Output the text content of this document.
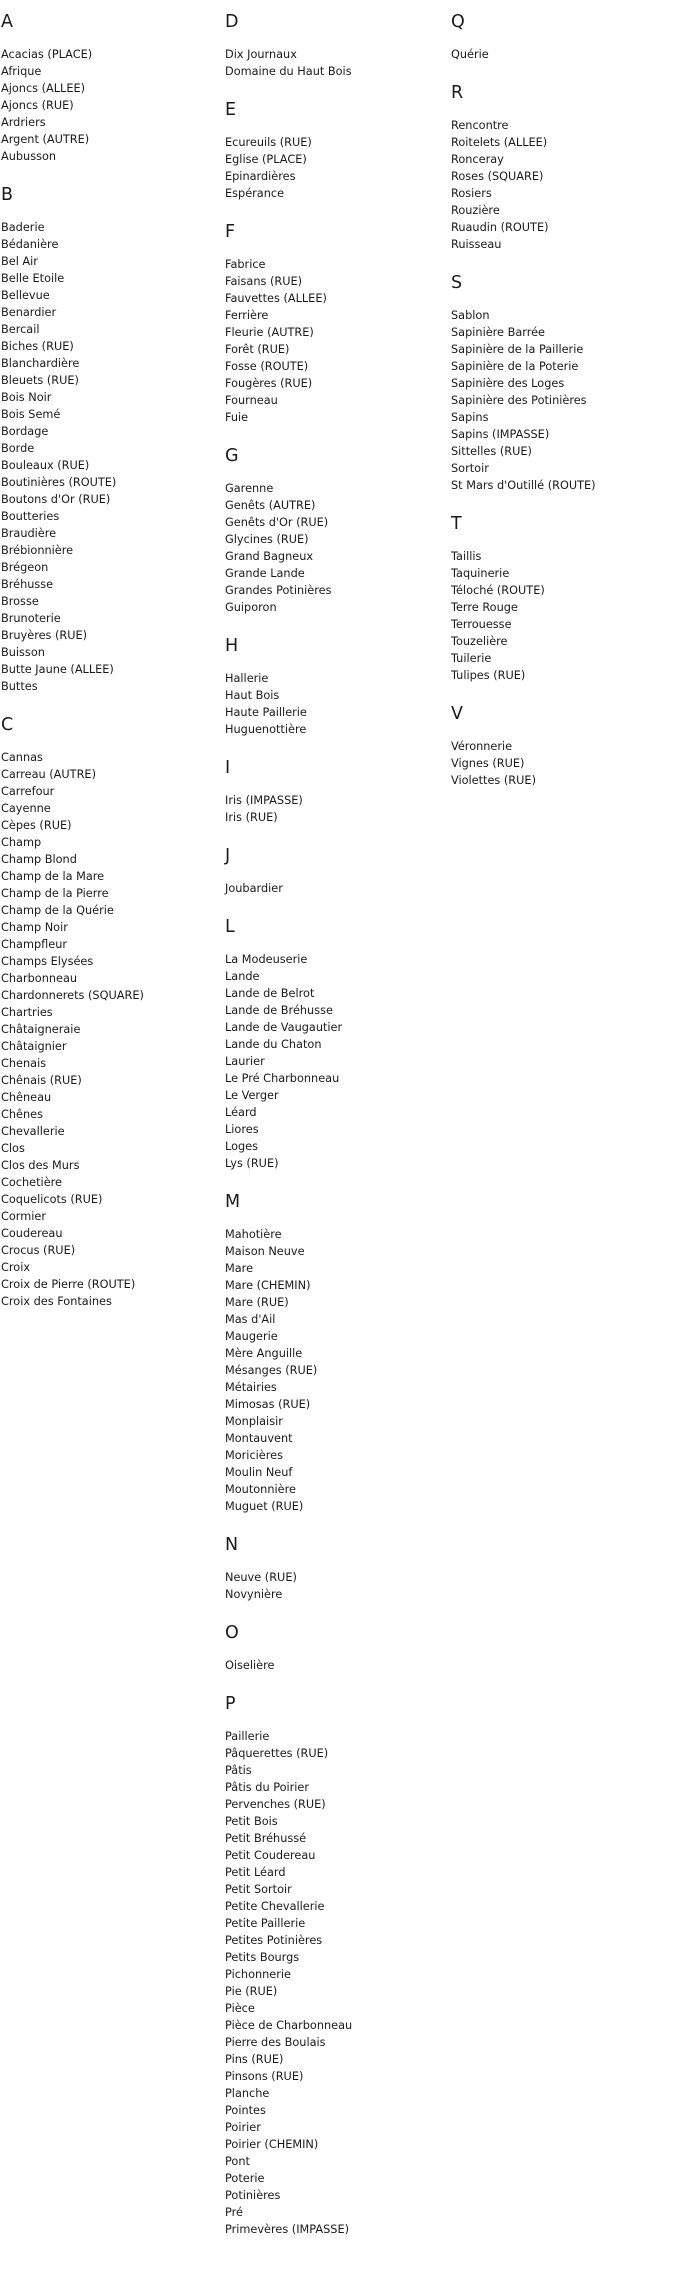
A
Acacias (PLACE)
Afrique
Ajoncs (ALLEE)
Ajoncs (RUE)
Ardriers
Argent (AUTRE)
Aubusson
B
Baderie
Bédanière
Bel Air
Belle Etoile
Bellevue
Benardier
Bercail
Biches (RUE)
Blanchardière
Bleuets (RUE)
Bois Noir
Bois Semé
Bordage
Borde
Bouleaux (RUE)
Boutinières (ROUTE)
Boutons d'Or (RUE)
Boutteries
Braudière
Brébionnière
Brégeon
Bréhusse
Brosse
Brunoterie
Bruyères (RUE)
Buisson
Butte Jaune (ALLEE)
Buttes
C
Cannas
Carreau (AUTRE)
Carrefour
Cayenne
Cèpes (RUE)
Champ
Champ Blond
Champ de la Mare
Champ de la Pierre
Champ de la Quérie
Champ Noir
Champfleur
Champs Elysées
Charbonneau
Chardonnerets (SQUARE)
Chartries
Châtaigneraie
Châtaignier
Chenais
Chênais (RUE)
Chêneau
Chênes
Chevallerie
Clos
Clos des Murs
Cochetière
Coquelicots (RUE)
Cormier
Coudereau
Crocus (RUE)
Croix
Croix de Pierre (ROUTE)
Croix des Fontaines
D
Dix Journaux
Domaine du Haut Bois
E
Ecureuils (RUE)
Eglise (PLACE)
Epinardières
Espérance
F
Fabrice
Faisans (RUE)
Fauvettes (ALLEE)
Ferrière
Fleurie (AUTRE)
Forêt (RUE)
Fosse (ROUTE)
Fougères (RUE)
Fourneau
Fuie
G
Garenne
Genêts (AUTRE)
Genêts d'Or (RUE)
Glycines (RUE)
Grand Bagneux
Grande Lande
Grandes Potinières
Guiporon
H
Hallerie
Haut Bois
Haute Paillerie
Huguenottière
I
Iris (IMPASSE)
Iris (RUE)
J
Joubardier
L
La Modeuserie
Lande
Lande de Belrot
Lande de Bréhusse
Lande de Vaugautier
Lande du Chaton
Laurier
Le Pré Charbonneau
Le Verger
Léard
Liores
Loges
Lys (RUE)
M
Mahotière
Maison Neuve
Mare
Mare (CHEMIN)
Mare (RUE)
Mas d'Ail
Maugerie
Mère Anguille
Mésanges (RUE)
Métairies
Mimosas (RUE)
Monplaisir
Montauvent
Moricières
Moulin Neuf
Moutonnière
Muguet (RUE)
N
Neuve (RUE)
Novynière
O
Oiselière
P
Paillerie
Pâquerettes (RUE)
Pâtis
Pâtis du Poirier
Pervenches (RUE)
Petit Bois
Petit Bréhussé
Petit Coudereau
Petit Léard
Petit Sortoir
Petite Chevallerie
Petite Paillerie
Petites Potinières
Petits Bourgs
Pichonnerie
Pie (RUE)
Pièce
Pièce de Charbonneau
Pierre des Boulais
Pins (RUE)
Pinsons (RUE)
Planche
Pointes
Poirier
Poirier (CHEMIN)
Pont
Poterie
Potinières
Pré
Primevères (IMPASSE)
Q
Quérie
R
Rencontre
Roitelets (ALLEE)
Ronceray
Roses (SQUARE)
Rosiers
Rouzière
Ruaudin (ROUTE)
Ruisseau
S
Sablon
Sapinière Barrée
Sapinière de la Paillerie
Sapinière de la Poterie
Sapinière des Loges
Sapinière des Potinières
Sapins
Sapins (IMPASSE)
Sittelles (RUE)
Sortoir
St Mars d'Outillé (ROUTE)
T
Taillis
Taquinerie
Téloché (ROUTE)
Terre Rouge
Terrouesse
Touzelière
Tuilerie
Tulipes (RUE)
V
Véronnerie
Vignes (RUE)
Violettes (RUE)
